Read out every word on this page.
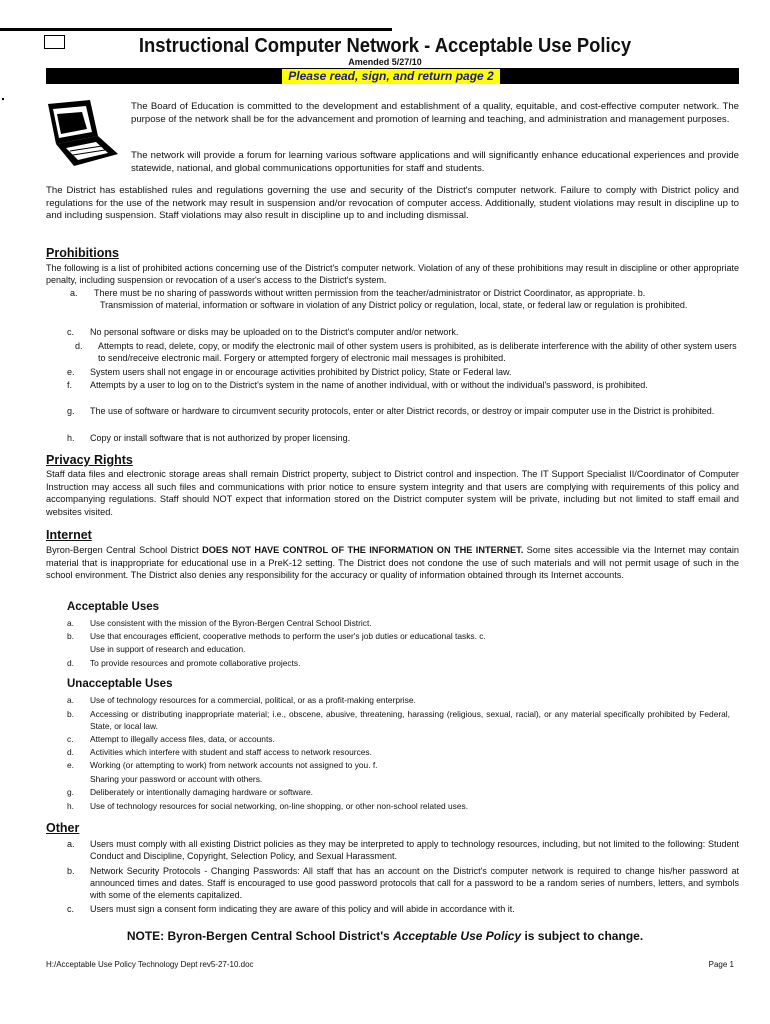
Instructional Computer Network - Acceptable Use Policy
Amended 5/27/10
Please read, sign, and return page 2
The Board of Education is committed to the development and establishment of a quality, equitable, and cost-effective computer network. The purpose of the network shall be for the advancement and promotion of learning and teaching, and administration and management purposes.
The network will provide a forum for learning various software applications and will significantly enhance educational experiences and provide statewide, national, and global communications opportunities for staff and students.
The District has established rules and regulations governing the use and security of the District's computer network. Failure to comply with District policy and regulations for the use of the network may result in suspension and/or revocation of computer access. Additionally, student violations may result in discipline up to and including suspension. Staff violations may also result in discipline up to and including dismissal.
Prohibitions
The following is a list of prohibited actions concerning use of the District's computer network. Violation of any of these prohibitions may result in discipline or other appropriate penalty, including suspension or revocation of a user's access to the District's system.
a. There must be no sharing of passwords without written permission from the teacher/administrator or District Coordinator, as appropriate. b.
Transmission of material, information or software in violation of any District policy or regulation, local, state, or federal law or regulation is prohibited.
c. No personal software or disks may be uploaded on to the District's computer and/or network.
d. Attempts to read, delete, copy, or modify the electronic mail of other system users is prohibited, as is deliberate interference with the ability of other system users to send/receive electronic mail. Forgery or attempted forgery of electronic mail messages is prohibited.
e. System users shall not engage in or encourage activities prohibited by District policy, State or Federal law.
f. Attempts by a user to log on to the District's system in the name of another individual, with or without the individual's password, is prohibited.
g. The use of software or hardware to circumvent security protocols, enter or alter District records, or destroy or impair computer use in the District is prohibited.
h. Copy or install software that is not authorized by proper licensing.
Privacy Rights
Staff data files and electronic storage areas shall remain District property, subject to District control and inspection. The IT Support Specialist II/Coordinator of Computer Instruction may access all such files and communications with prior notice to ensure system integrity and that users are complying with requirements of this policy and accompanying regulations. Staff should NOT expect that information stored on the District computer system will be private, including but not limited to staff email and websites visited.
Internet
Byron-Bergen Central School District DOES NOT HAVE CONTROL OF THE INFORMATION ON THE INTERNET. Some sites accessible via the Internet may contain material that is inappropriate for educational use in a PreK-12 setting. The District does not condone the use of such materials and will not permit usage of such in the school environment. The District also denies any responsibility for the accuracy or quality of information obtained through its Internet accounts.
Acceptable Uses
a. Use consistent with the mission of the Byron-Bergen Central School District.
b. Use that encourages efficient, cooperative methods to perform the user's job duties or educational tasks. c.
Use in support of research and education.
d. To provide resources and promote collaborative projects.
Unacceptable Uses
a. Use of technology resources for a commercial, political, or as a profit-making enterprise.
b. Accessing or distributing inappropriate material; i.e., obscene, abusive, threatening, harassing (religious, sexual, racial), or any material specifically prohibited by Federal, State, or local law.
c. Attempt to illegally access files, data, or accounts.
d. Activities which interfere with student and staff access to network resources.
e. Working (or attempting to work) from network accounts not assigned to you. f.
Sharing your password or account with others.
g. Deliberately or intentionally damaging hardware or software.
h. Use of technology resources for social networking, on-line shopping, or other non-school related uses.
Other
a. Users must comply with all existing District policies as they may be interpreted to apply to technology resources, including, but not limited to the following: Student Conduct and Discipline, Copyright, Selection Policy, and Sexual Harassment.
b. Network Security Protocols - Changing Passwords: All staff that has an account on the District's computer network is required to change his/her password at announced times and dates. Staff is encouraged to use good password protocols that call for a password to be a random series of numbers, letters, and symbols with some of the elements capitalized.
c. Users must sign a consent form indicating they are aware of this policy and will abide in accordance with it.
NOTE: Byron-Bergen Central School District's Acceptable Use Policy is subject to change.
H:/Acceptable Use Policy Technology Dept rev5-27-10.doc	Page 1
